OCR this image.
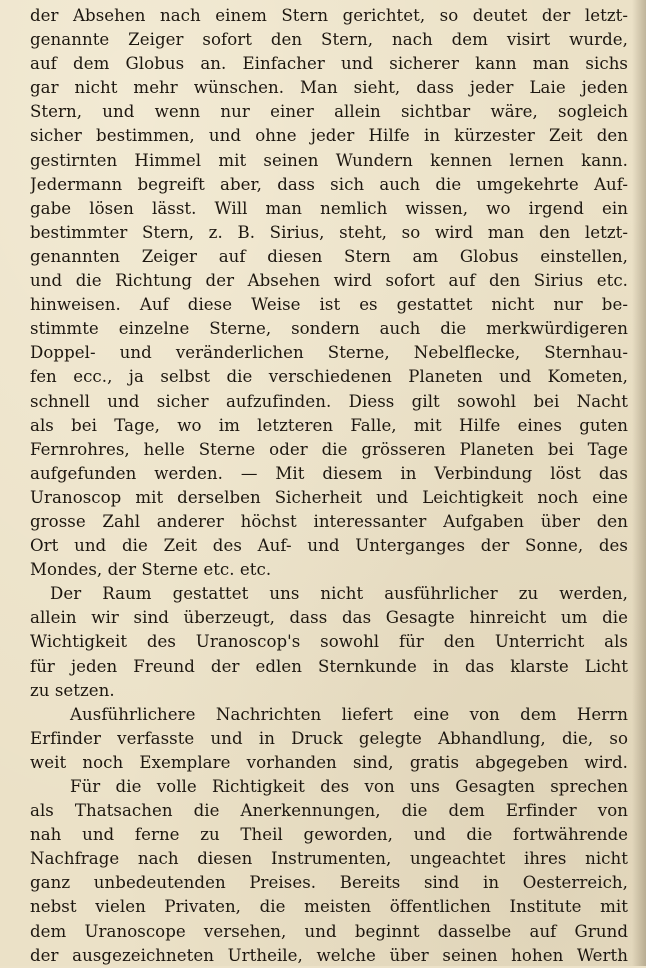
der Absehen nach einem Stern gerichtet, so deutet der letzt-
genannte Zeiger sofort den Stern, nach dem visirt wurde,
auf dem Globus an. Einfacher und sicherer kann man sichs
gar nicht mehr wünschen. Man sieht, dass jeder Laie jeden
Stern, und wenn nur einer allein sichtbar wäre, sogleich
sicher bestimmen, und ohne jeder Hilfe in kürzester Zeit den
gestirnten Himmel mit seinen Wundern kennen lernen kann.
Jedermann begreift aber, dass sich auch die umgekehrte Auf-
gabe lösen lässt. Will man nemlich wissen, wo irgend ein
bestimmter Stern, z. B. Sirius, steht, so wird man den letzt-
genannten Zeiger auf diesen Stern am Globus einstellen,
und die Richtung der Absehen wird sofort auf den Sirius etc.
hinweisen. Auf diese Weise ist es gestattet nicht nur be-
stimmte einzelne Sterne, sondern auch die merkwürdigeren
Doppel- und veränderlichen Sterne, Nebelflecke, Sternhau-
fen ecc., ja selbst die verschiedenen Planeten und Kometen,
schnell und sicher aufzufinden. Diess gilt sowohl bei Nacht
als bei Tage, wo im letzteren Falle, mit Hilfe eines guten
Fernrohres, helle Sterne oder die grösseren Planeten bei Tage
aufgefunden werden. — Mit diesem in Verbindung löst das
Uranoscop mit derselben Sicherheit und Leichtigkeit noch eine
grosse Zahl anderer höchst interessanter Aufgaben über den
Ort und die Zeit des Auf- und Unterganges der Sonne, des
Mondes, der Sterne etc. etc.
Der Raum gestattet uns nicht ausführlicher zu werden,
allein wir sind überzeugt, dass das Gesagte hinreicht um die
Wichtigkeit des Uranoscop's sowohl für den Unterricht als
für jeden Freund der edlen Sternkunde in das klarste Licht
zu setzen.
Ausführlichere Nachrichten liefert eine von dem Herrn
Erfinder verfasste und in Druck gelegte Abhandlung, die, so
weit noch Exemplare vorhanden sind, gratis abgegeben wird.
Für die volle Richtigkeit des von uns Gesagten sprechen
als Thatsachen die Anerkennungen, die dem Erfinder von
nah und ferne zu Theil geworden, und die fortwährende
Nachfrage nach diesen Instrumenten, ungeachtet ihres nicht
ganz unbedeutenden Preises. Bereits sind in Oesterreich,
nebst vielen Privaten, die meisten öffentlichen Institute mit
dem Uranoscope versehen, und beginnt dasselbe auf Grund
der ausgezeichneten Urtheile, welche über seinen hohen Werth
